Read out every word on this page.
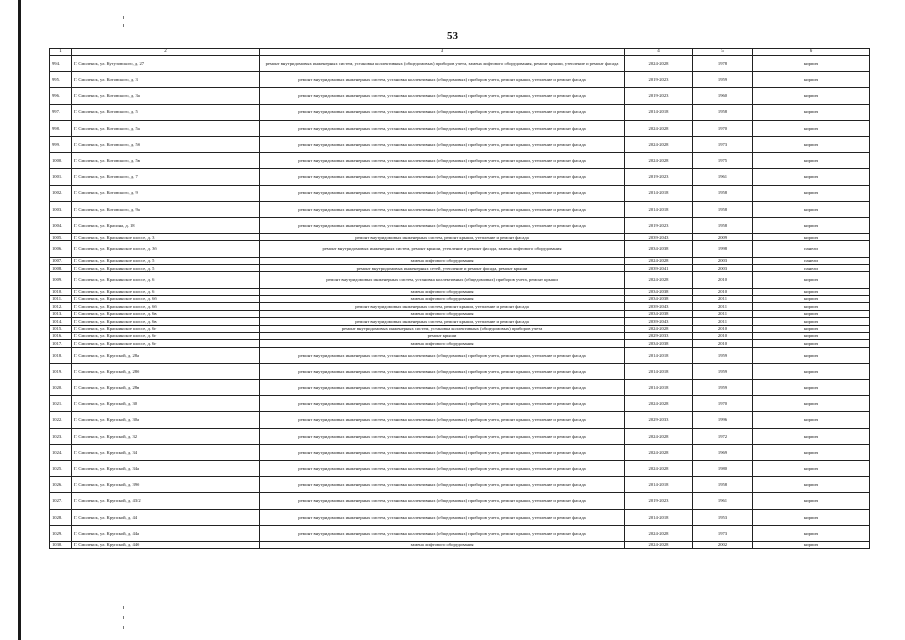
53
1	2	3	4	5	6
994.	Г. Смоленск, ул. Кутузовского, д. 27	ремонт внутридомовых инженерных систем, установка коллективных (общедомовых) приборов учета, замена лифтового оборудования, ремонт крыши, утепление и ремонт фасада	2024-2028	1978	кирпич
995.	Г. Смоленск, ул. Котовского, д. 3	ремонт внутридомовых инженерных систем, установка коллективных (общедомовых) приборов учета, ремонт крыши, утепление и ремонт фасада	2019-2023	1959	кирпич
996.	Г. Смоленск, ул. Котовского, д. 3а	ремонт внутридомовых инженерных систем, установка коллективных (общедомовых) приборов учета, ремонт крыши, утепление и ремонт фасада	2019-2023	1960	кирпич
997.	Г. Смоленск, ул. Котовского, д. 5	ремонт внутридомовых инженерных систем, установка коллективных (общедомовых) приборов учета, ремонт крыши, утепление и ремонт фасада	2014-2018	1958	кирпич
998.	Г. Смоленск, ул. Котовского, д. 5а	ремонт внутридомовых инженерных систем, установка коллективных (общедомовых) приборов учета, ремонт крыши, утепление и ремонт фасада	2024-2028	1970	кирпич
999.	Г. Смоленск, ул. Котовского, д. 5б	ремонт внутридомовых инженерных систем, установка коллективных (общедомовых) приборов учета, ремонт крыши, утепление и ремонт фасада	2024-2028	1973	кирпич
1000.	Г. Смоленск, ул. Котовского, д. 5в	ремонт внутридомовых инженерных систем, установка коллективных (общедомовых) приборов учета, ремонт крыши, утепление и ремонт фасада	2024-2028	1975	кирпич
1001.	Г. Смоленск, ул. Котовского, д. 7	ремонт внутридомовых инженерных систем, установка коллективных (общедомовых) приборов учета, ремонт крыши, утепление и ремонт фасада	2019-2023	1961	кирпич
1002.	Г. Смоленск, ул. Котовского, д. 9	ремонт внутридомовых инженерных систем, установка коллективных (общедомовых) приборов учета, ремонт крыши, утепление и ремонт фасада	2014-2018	1958	кирпич
1003.	Г. Смоленск, ул. Котовского, д. 9а	ремонт внутридомовых инженерных систем, установка коллективных (общедомовых) приборов учета, ремонт крыши, утепление и ремонт фасада	2014-2018	1958	кирпич
1004.	Г. Смоленск, ул. Красина, д. 18	ремонт внутридомовых инженерных систем, установка коллективных (общедомовых) приборов учета, ремонт крыши, утепление и ремонт фасада	2019-2023	1958	кирпич
1005.	Г. Смоленск, ул. Краснинское шоссе, д. 3	ремонт внутридомовых инженерных систем, ремонт крыши, утепление и ремонт фасада	2039-2043	2009	кирпич
1006.	Г. Смоленск, ул. Краснинское шоссе, д. 3б	ремонт внутридомовых инженерных систем, ремонт крыши, утепление и ремонт фасада, замена лифтового оборудования	2034-2038	1998	панели
1007.	Г. Смоленск, ул. Краснинское шоссе, д. 5	замена лифтового оборудования	2024-2028	2003	панели
1008.	Г. Смоленск, ул. Краснинское шоссе, д. 5	ремонт внутридомовых инженерных сетей, утепление и ремонт фасада, ремонт крыши	2039-2041	2003	панели
1009.	Г. Смоленск, ул. Краснинское шоссе, д. 6	ремонт внутридомовых инженерных систем, установка коллективных (общедомовых) приборов учета, ремонт крыши	2024-2028	2010	кирпич
1010.	Г. Смоленск, ул. Краснинское шоссе, д. 6	замена лифтового оборудования	2034-2038	2010	кирпич
1011.	Г. Смоленск, ул. Краснинское шоссе, д. 6б	замена лифтового оборудования	2034-2038	2011	кирпич
1012.	Г. Смоленск, ул. Краснинское шоссе, д. 6б	ремонт внутридомовых инженерных систем, ремонт крыши, утепление и ремонт фасада	2039-2043	2011	кирпич
1013.	Г. Смоленск, ул. Краснинское шоссе, д. 6в	замена лифтового оборудования	2034-2038	2011	кирпич
1014.	Г. Смоленск, ул. Краснинское шоссе, д. 6в	ремонт внутридомовых инженерных систем, ремонт крыши, утепление и ремонт фасада	2039-2043	2011	кирпич
1015.	Г. Смоленск, ул. Краснинское шоссе, д. 6г	ремонт внутридомовых инженерных систем, установка коллективных (общедомовых) приборов учета	2024-2028	2010	кирпич
1016.	Г. Смоленск, ул. Краснинское шоссе, д. 6г	ремонт крыши	2029-2033	2010	кирпич
1017.	Г. Смоленск, ул. Краснинское шоссе, д. 6г	замена лифтового оборудования	2034-2038	2010	кирпич
1018.	Г. Смоленск, ул. Крупской, д. 28а	ремонт внутридомовых инженерных систем, установка коллективных (общедомовых) приборов учета, ремонт крыши, утепление и ремонт фасада	2014-2018	1959	кирпич
1019.	Г. Смоленск, ул. Крупской, д. 28б	ремонт внутридомовых инженерных систем, установка коллективных (общедомовых) приборов учета, ремонт крыши, утепление и ремонт фасада	2014-2018	1959	кирпич
1020.	Г. Смоленск, ул. Крупской, д. 28в	ремонт внутридомовых инженерных систем, установка коллективных (общедомовых) приборов учета, ремонт крыши, утепление и ремонт фасада	2014-2018	1959	кирпич
1021.	Г. Смоленск, ул. Крупской, д. 30	ремонт внутридомовых инженерных систем, установка коллективных (общедомовых) приборов учета, ремонт крыши, утепление и ремонт фасада	2024-2028	1970	кирпич
1022.	Г. Смоленск, ул. Крупской, д. 30а	ремонт внутридомовых инженерных систем, установка коллективных (общедомовых) приборов учета, ремонт крыши, утепление и ремонт фасада	2029-2033	1996	кирпич
1023.	Г. Смоленск, ул. Крупской, д. 32	ремонт внутридомовых инженерных систем, установка коллективных (общедомовых) приборов учета, ремонт крыши, утепление и ремонт фасада	2024-2028	1972	кирпич
1024.	Г. Смоленск, ул. Крупской, д. 34	ремонт внутридомовых инженерных систем, установка коллективных (общедомовых) приборов учета, ремонт крыши, утепление и ремонт фасада	2024-2028	1969	кирпич
1025.	Г. Смоленск, ул. Крупской, д. 34а	ремонт внутридомовых инженерных систем, установка коллективных (общедомовых) приборов учета, ремонт крыши, утепление и ремонт фасада	2024-2028	1980	кирпич
1026.	Г. Смоленск, ул. Крупской, д. 39б	ремонт внутридомовых инженерных систем, установка коллективных (общедомовых) приборов учета, ремонт крыши, утепление и ремонт фасада	2014-2018	1958	кирпич
1027.	Г. Смоленск, ул. Крупской, д. 43/2	ремонт внутридомовых инженерных систем, установка коллективных (общедомовых) приборов учета, ремонт крыши, утепление и ремонт фасада	2019-2023	1961	кирпич
1028.	Г. Смоленск, ул. Крупской, д. 44	ремонт внутридомовых инженерных систем, установка коллективных (общедомовых) приборов учета, ремонт крыши, утепление и ремонт фасада	2014-2018	1953	кирпич
1029.	Г. Смоленск, ул. Крупской, д. 44а	ремонт внутридомовых инженерных систем, установка коллективных (общедомовых) приборов учета, ремонт крыши, утепление и ремонт фасада	2024-2028	1973	кирпич
1030.	Г. Смоленск, ул. Крупской, д. 44б	замена лифтового оборудования	2024-2028	2002	кирпич
